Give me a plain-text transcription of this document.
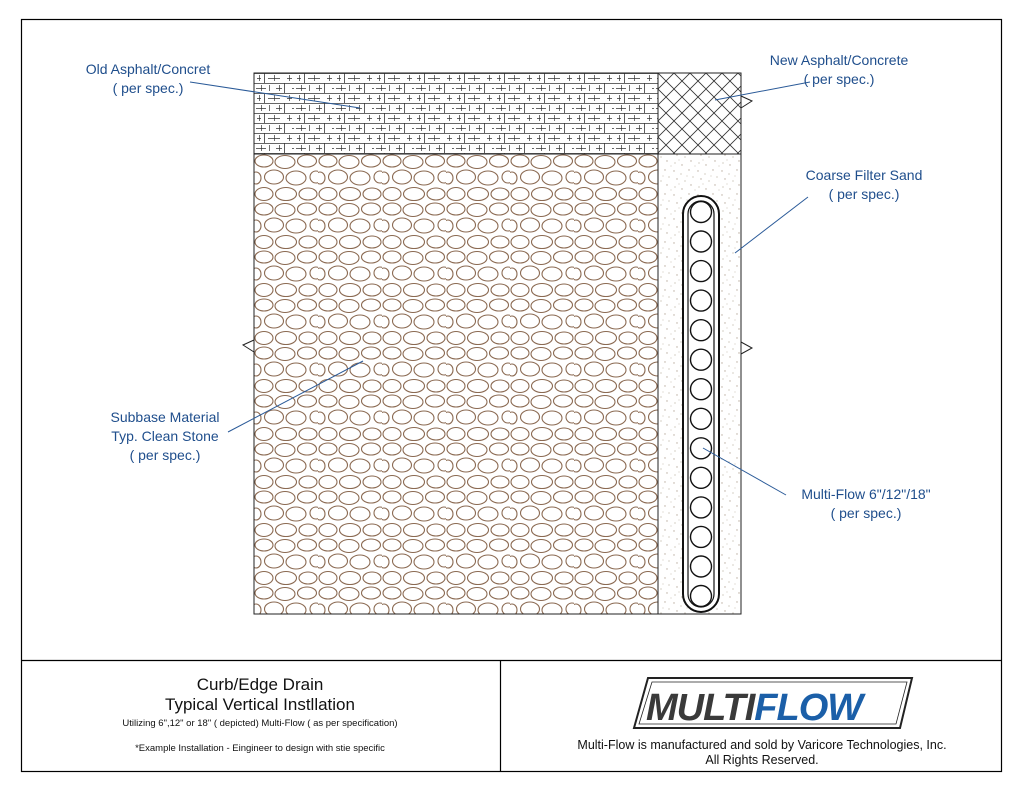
Old Asphalt/Concret
( per spec.)
New Asphalt/Concrete
( per spec.)
Coarse Filter Sand
( per spec.)
Subbase Material
Typ. Clean Stone
( per spec.)
Multi-Flow 6"/12"/18"
( per spec.)
Curb/Edge Drain
Typical Vertical Instllation
Utilizing 6",12" or 18" ( depicted) Multi-Flow ( as per specification)
*Example Installation - Eingineer to design with stie specific
MULTIFLOW
Multi-Flow is manufactured and sold by Varicore Technologies, Inc.
All Rights Reserved.
